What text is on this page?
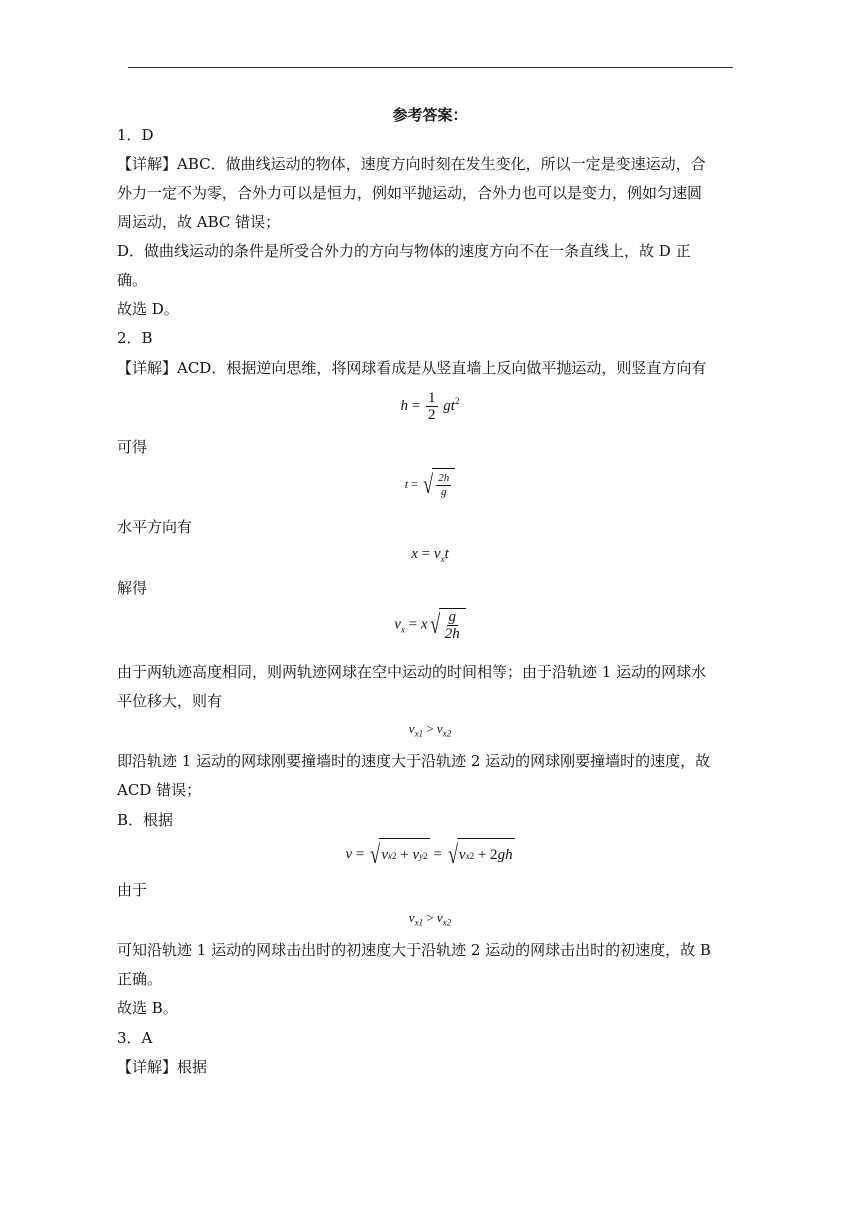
参考答案：
1．D
【详解】ABC．做曲线运动的物体，速度方向时刻在发生变化，所以一定是变速运动，合
外力一定不为零，合外力可以是恒力，例如平抛运动，合外力也可以是变力，例如匀速圆
周运动，故 ABC 错误；
D．做曲线运动的条件是所受合外力的方向与物体的速度方向不在一条直线上，故 D 正
确。
故选 D。
2．B
【详解】ACD．根据逆向思维，将网球看成是从竖直墙上反向做平抛运动，则竖直方向有
$h = \frac{1}{2} gt^2$
可得
t = √ $\frac{2h}{g}$
水平方向有
$x = v_xt$
解得
$v_x = x$ √ $\frac{g}{2h}$
由于两轨迹高度相同，则两轨迹网球在空中运动的时间相等；由于沿轨迹 1 运动的网球水
平位移大，则有
$v_{x1} > v_{x2}$
即沿轨迹 1 运动的网球刚要撞墙时的速度大于沿轨迹 2 运动的网球刚要撞墙时的速度，故
ACD 错误；
B．根据
v = √ v x 2 + v y 2 = √ v x 2 + 2 gh
由于
$v_{x1} > v_{x2}$
可知沿轨迹 1 运动的网球击出时的初速度大于沿轨迹 2 运动的网球击出时的初速度，故 B
正确。
故选 B。
3．A
【详解】根据
